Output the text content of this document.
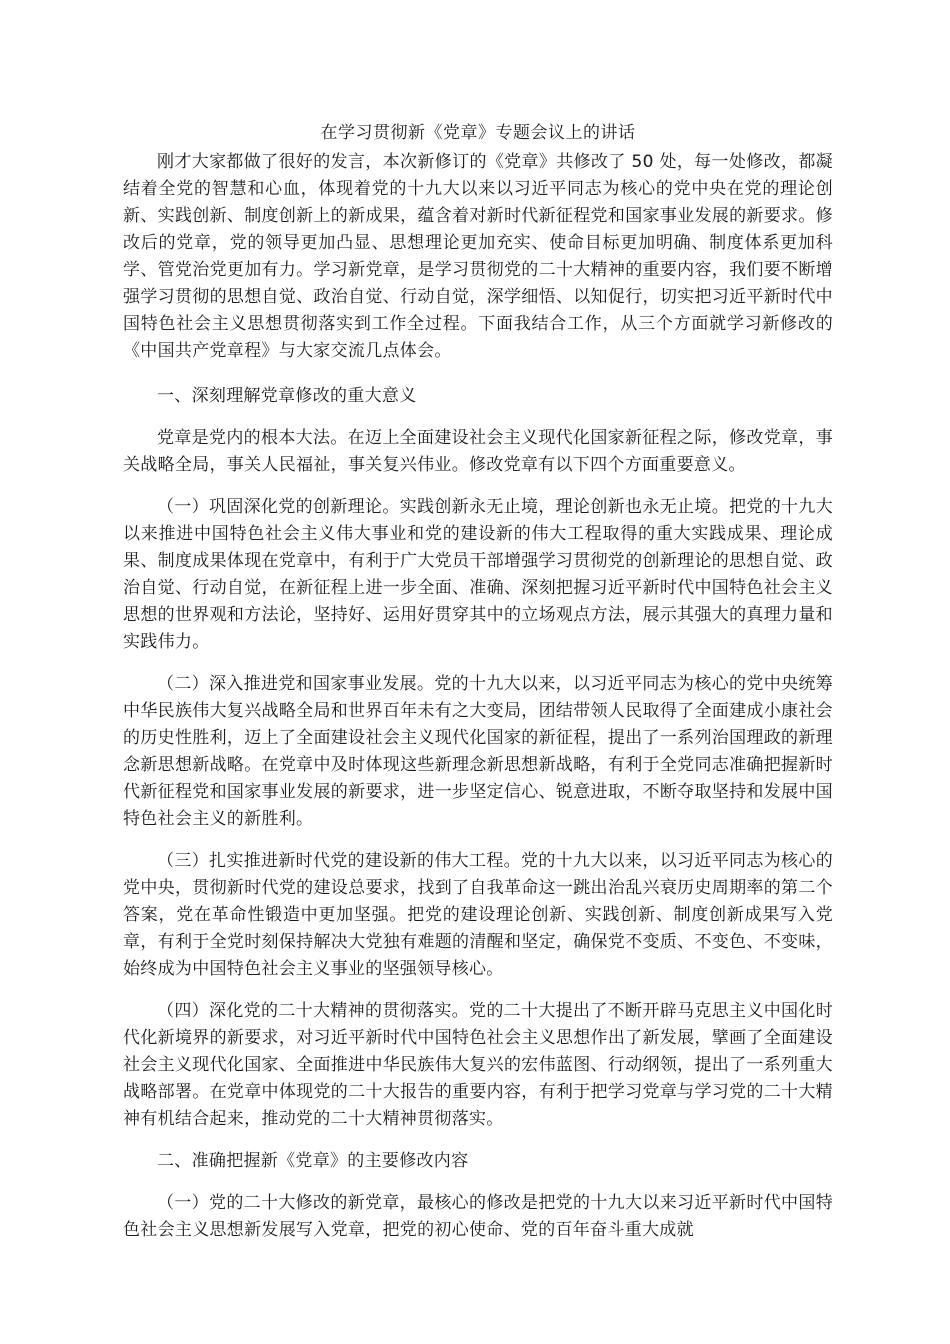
在学习贯彻新《党章》专题会议上的讲话

刚才大家都做了很好的发言，本次新修订的《党章》共修改了 50 处，每一处修改，都凝结着全党的智慧和心血，体现着党的十九大以来以习近平同志为核心的党中央在党的理论创新、实践创新、制度创新上的新成果，蕴含着对新时代新征程党和国家事业发展的新要求。修改后的党章，党的领导更加凸显、思想理论更加充实、使命目标更加明确、制度体系更加科学、管党治党更加有力。学习新党章，是学习贯彻党的二十大精神的重要内容，我们要不断增强学习贯彻的思想自觉、政治自觉、行动自觉，深学细悟、以知促行，切实把习近平新时代中国特色社会主义思想贯彻落实到工作全过程。下面我结合工作，从三个方面就学习新修改的《中国共产党章程》与大家交流几点体会。

一、深刻理解党章修改的重大意义

党章是党内的根本大法。在迈上全面建设社会主义现代化国家新征程之际，修改党章，事关战略全局，事关人民福祉，事关复兴伟业。修改党章有以下四个方面重要意义。

（一）巩固深化党的创新理论。实践创新永无止境，理论创新也永无止境。把党的十九大以来推进中国特色社会主义伟大事业和党的建设新的伟大工程取得的重大实践成果、理论成果、制度成果体现在党章中，有利于广大党员干部增强学习贯彻党的创新理论的思想自觉、政治自觉、行动自觉，在新征程上进一步全面、准确、深刻把握习近平新时代中国特色社会主义思想的世界观和方法论，坚持好、运用好贯穿其中的立场观点方法，展示其强大的真理力量和实践伟力。

（二）深入推进党和国家事业发展。党的十九大以来，以习近平同志为核心的党中央统筹中华民族伟大复兴战略全局和世界百年未有之大变局，团结带领人民取得了全面建成小康社会的历史性胜利，迈上了全面建设社会主义现代化国家的新征程，提出了一系列治国理政的新理念新思想新战略。在党章中及时体现这些新理念新思想新战略，有利于全党同志准确把握新时代新征程党和国家事业发展的新要求，进一步坚定信心、锐意进取，不断夺取坚持和发展中国特色社会主义的新胜利。

（三）扎实推进新时代党的建设新的伟大工程。党的十九大以来，以习近平同志为核心的党中央，贯彻新时代党的建设总要求，找到了自我革命这一跳出治乱兴衰历史周期率的第二个答案，党在革命性锻造中更加坚强。把党的建设理论创新、实践创新、制度创新成果写入党章，有利于全党时刻保持解决大党独有难题的清醒和坚定，确保党不变质、不变色、不变味，始终成为中国特色社会主义事业的坚强领导核心。

（四）深化党的二十大精神的贯彻落实。党的二十大提出了不断开辟马克思主义中国化时代化新境界的新要求，对习近平新时代中国特色社会主义思想作出了新发展，擘画了全面建设社会主义现代化国家、全面推进中华民族伟大复兴的宏伟蓝图、行动纲领，提出了一系列重大战略部署。在党章中体现党的二十大报告的重要内容，有利于把学习党章与学习党的二十大精神有机结合起来，推动党的二十大精神贯彻落实。

二、准确把握新《党章》的主要修改内容

（一）党的二十大修改的新党章，最核心的修改是把党的十九大以来习近平新时代中国特色社会主义思想新发展写入党章，把党的初心使命、党的百年奋斗重大成就
